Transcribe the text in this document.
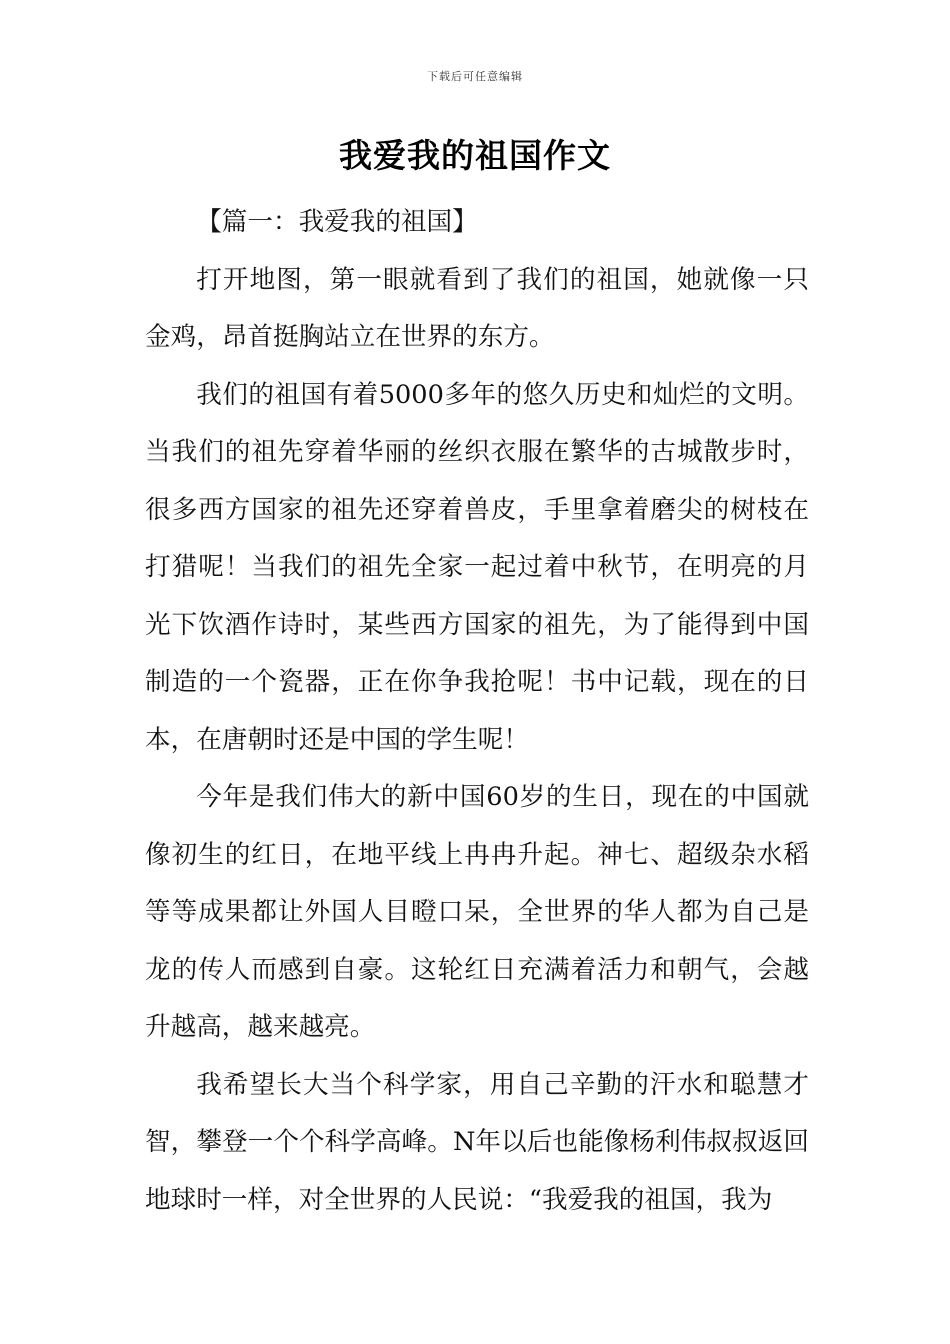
下载后可任意编辑
我爱我的祖国作文

【篇一：我爱我的祖国】

打开地图，第一眼就看到了我们的祖国，她就像一只金鸡，昂首挺胸站立在世界的东方。

我们的祖国有着5000多年的悠久历史和灿烂的文明。当我们的祖先穿着华丽的丝织衣服在繁华的古城散步时，很多西方国家的祖先还穿着兽皮，手里拿着磨尖的树枝在打猎呢！当我们的祖先全家一起过着中秋节，在明亮的月光下饮酒作诗时，某些西方国家的祖先，为了能得到中国制造的一个瓷器，正在你争我抢呢！书中记载，现在的日本，在唐朝时还是中国的学生呢！

今年是我们伟大的新中国60岁的生日，现在的中国就像初生的红日，在地平线上冉冉升起。神七、超级杂水稻等等成果都让外国人目瞪口呆，全世界的华人都为自己是龙的传人而感到自豪。这轮红日充满着活力和朝气，会越升越高，越来越亮。

我希望长大当个科学家，用自己辛勤的汗水和聪慧才智，攀登一个个科学高峰。N年以后也能像杨利伟叔叔返回地球时一样，对全世界的人民说：“我爱我的祖国，我为
